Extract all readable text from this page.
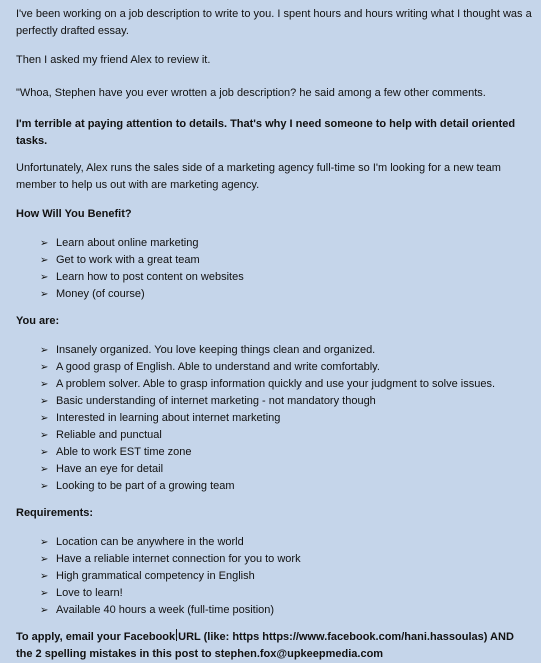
I've been working on a job description to write to you. I spent hours and hours writing what I thought was a perfectly drafted essay.

Then I asked my friend Alex to review it.

"Whoa, Stephen have you ever wrotten a job description? he said among a few other comments.

I'm terrible at paying attention to details. That's why I need someone to help with detail oriented tasks.

Unfortunately, Alex runs the sales side of a marketing agency full-time so I'm looking for a new team member to help us out with are marketing agency.

How Will You Benefit?

➢ Learn about online marketing
➢ Get to work with a great team
➢ Learn how to post content on websites
➢ Money (of course)

You are:

➢ Insanely organized. You love keeping things clean and organized.
➢ A good grasp of English. Able to understand and write comfortably.
➢ A problem solver. Able to grasp information quickly and use your judgment to solve issues.
➢ Basic understanding of internet marketing - not mandatory though
➢ Interested in learning about internet marketing
➢ Reliable and punctual
➢ Able to work EST time zone
➢ Have an eye for detail
➢ Looking to be part of a growing team

Requirements:

➢ Location can be anywhere in the world
➢ Have a reliable internet connection for you to work
➢ High grammatical competency in English
➢ Love to learn!
➢ Available 40 hours a week (full-time position)

To apply, email your Facebook URL (like: https https://www.facebook.com/hani.hassoulas) AND the 2 spelling mistakes in this post to stephen.fox@upkeepmedia.com
